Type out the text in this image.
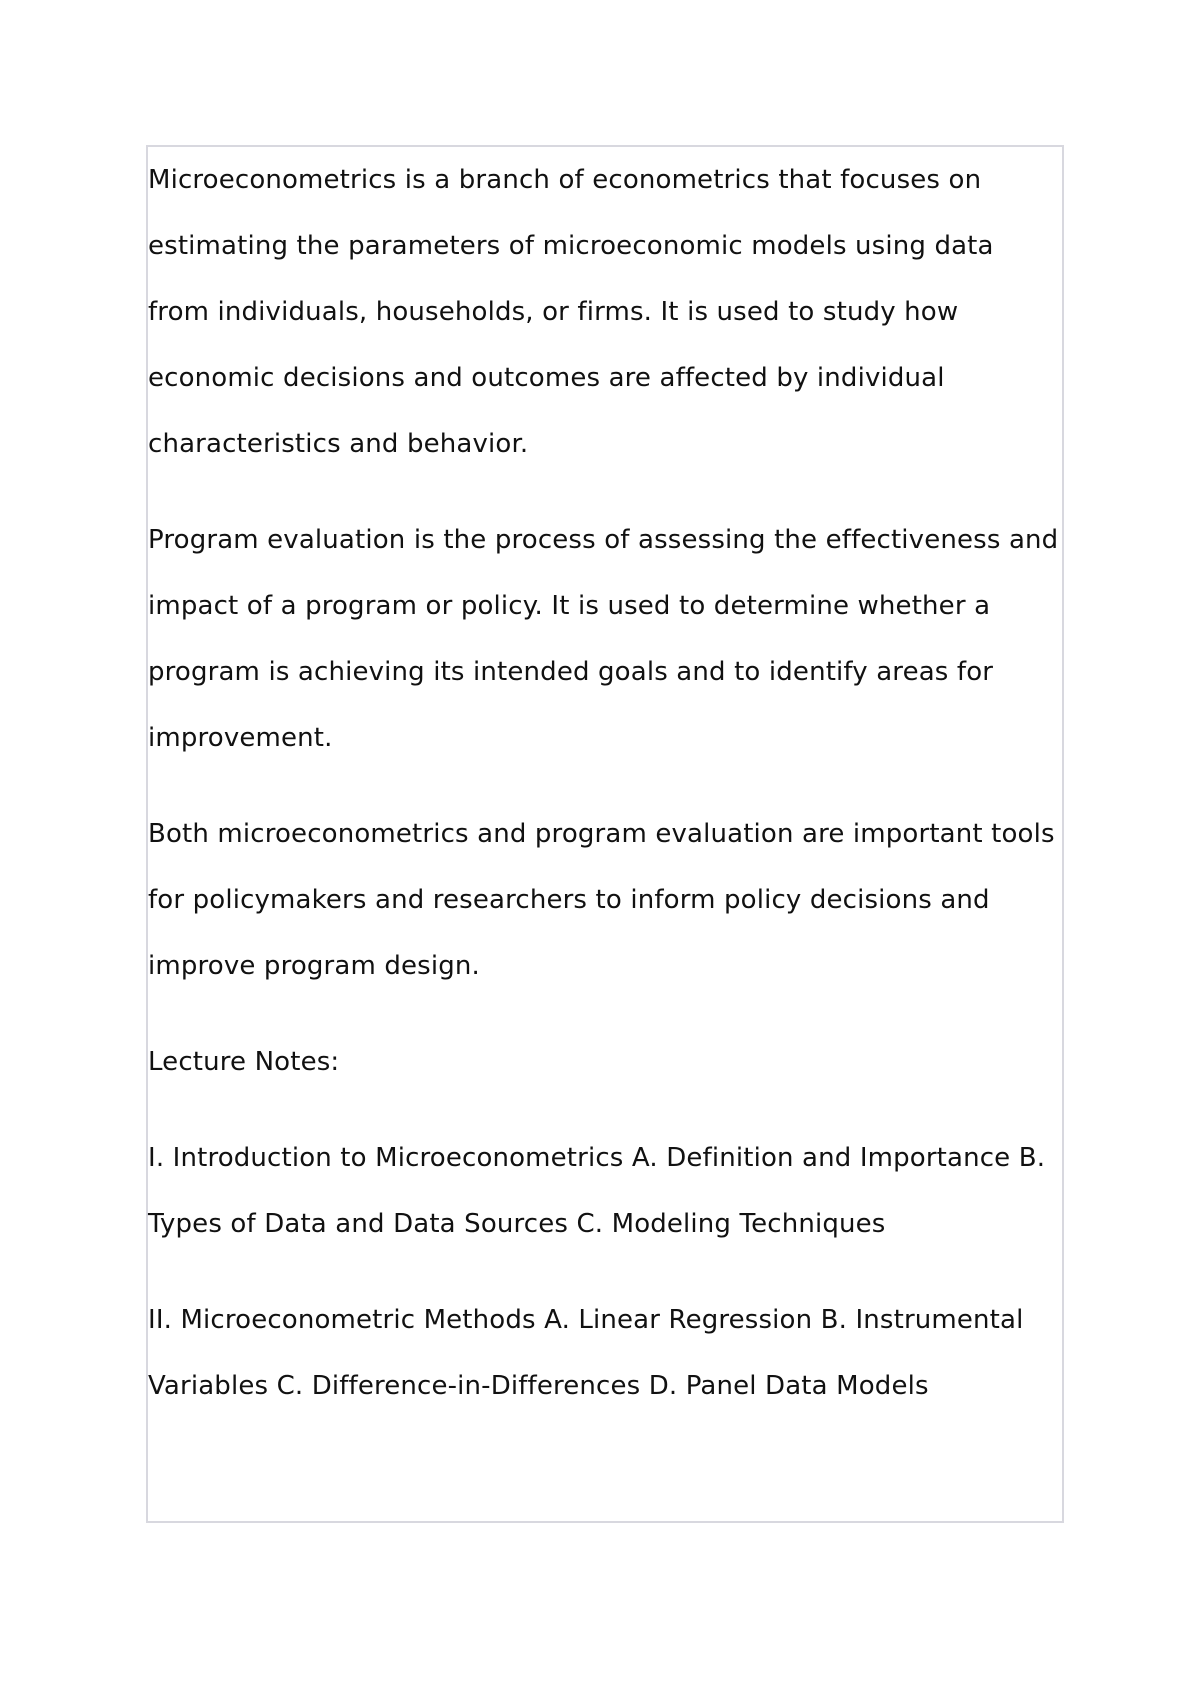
Microeconometrics is a branch of econometrics that focuses on estimating the parameters of microeconomic models using data from individuals, households, or firms. It is used to study how economic decisions and outcomes are affected by individual characteristics and behavior.

Program evaluation is the process of assessing the effectiveness and impact of a program or policy. It is used to determine whether a program is achieving its intended goals and to identify areas for improvement.

Both microeconometrics and program evaluation are important tools for policymakers and researchers to inform policy decisions and improve program design.

Lecture Notes:

I. Introduction to Microeconometrics A. Definition and Importance B. Types of Data and Data Sources C. Modeling Techniques

II. Microeconometric Methods A. Linear Regression B. Instrumental Variables C. Difference-in-Differences D. Panel Data Models
